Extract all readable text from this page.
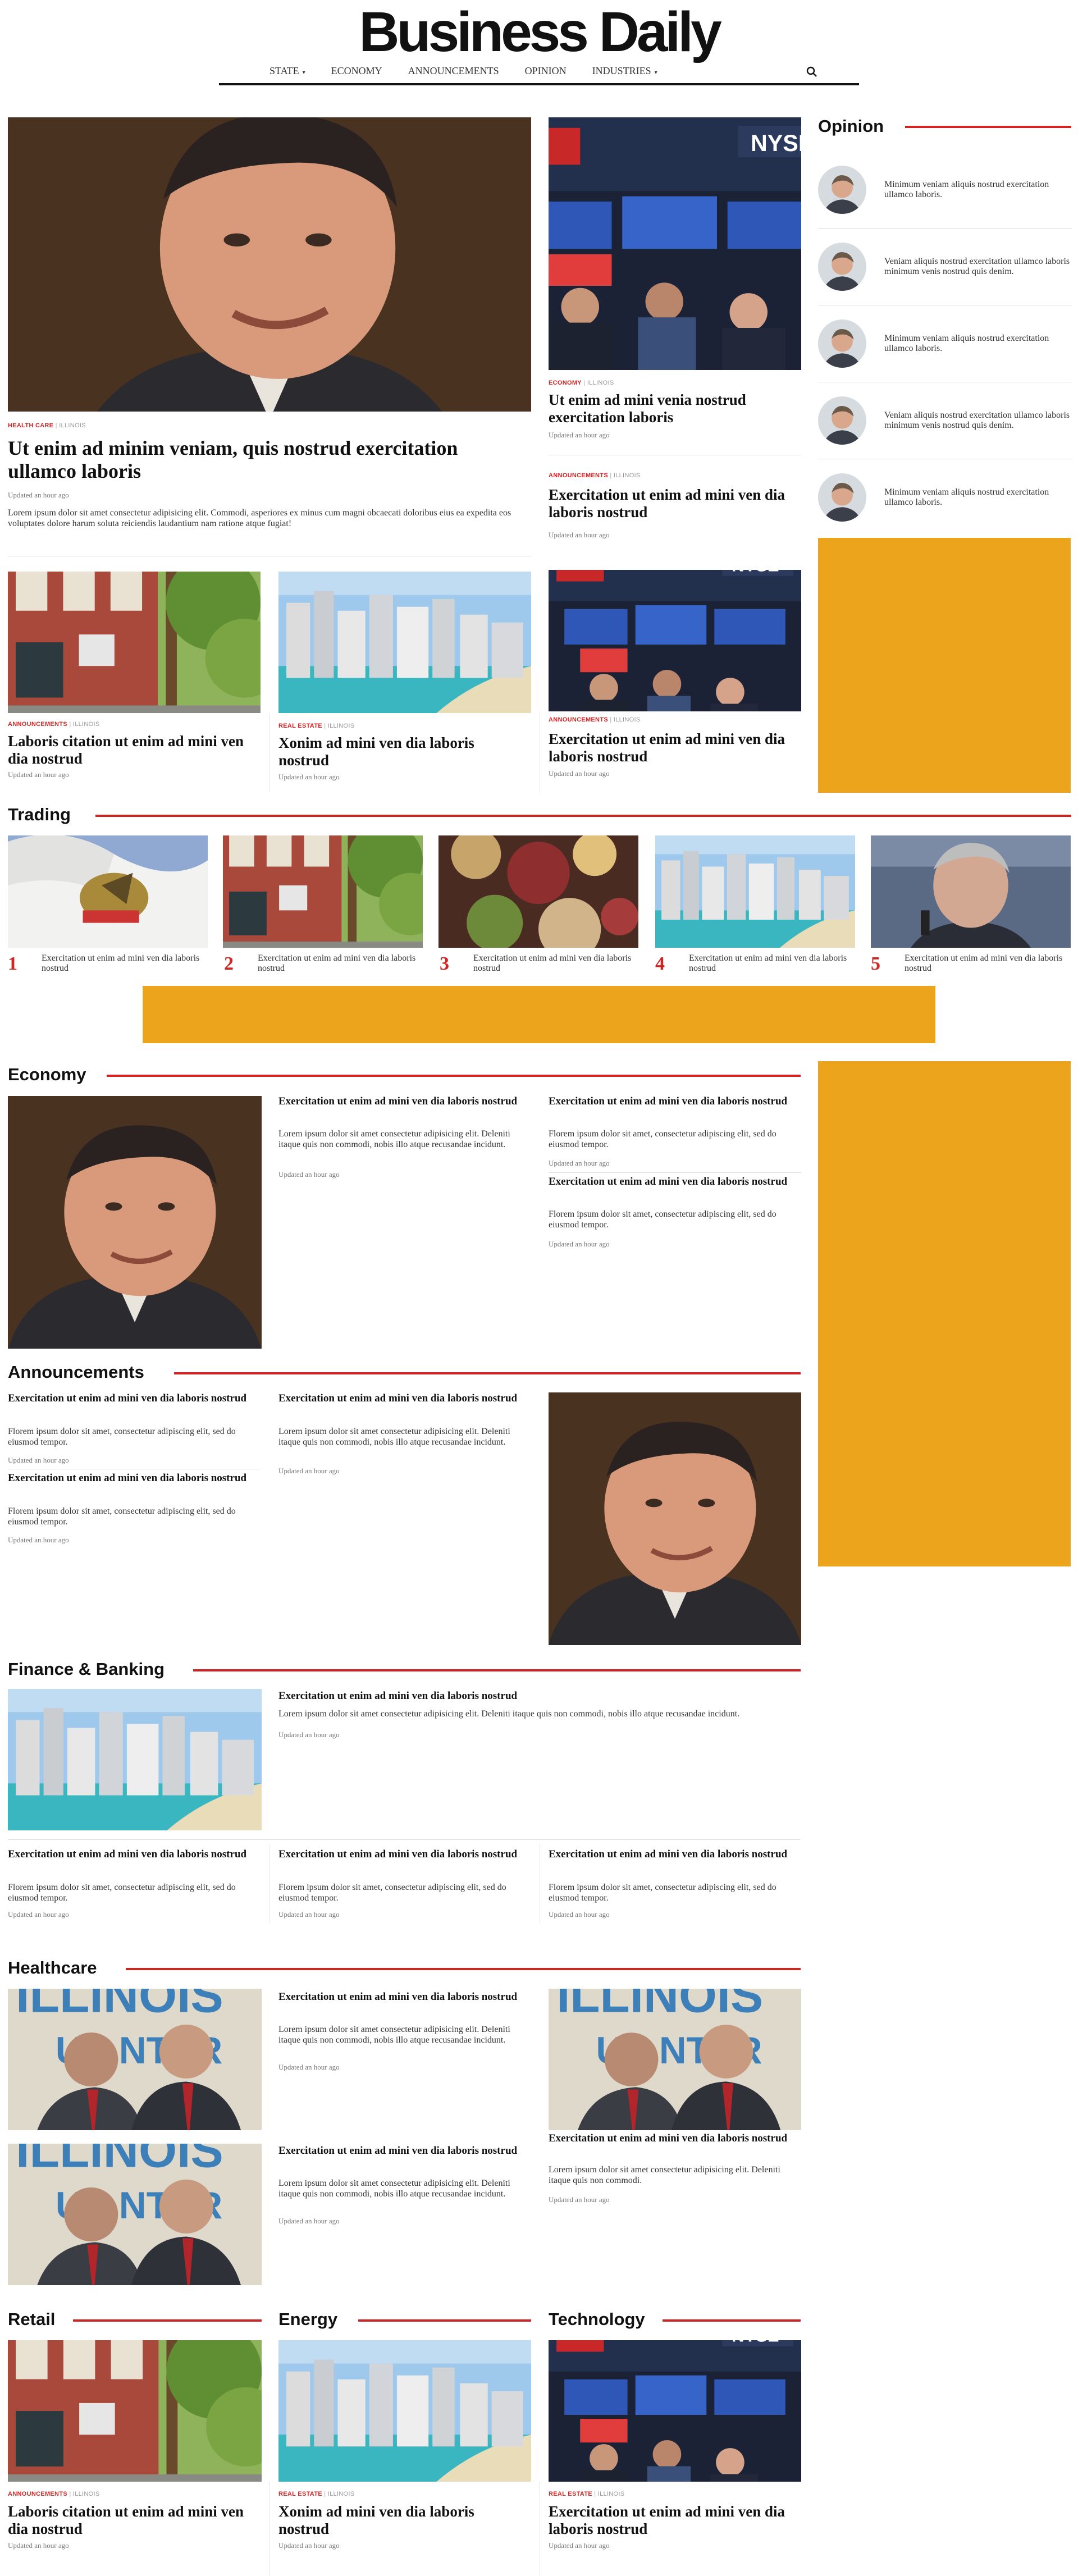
Business Daily
STATE ▾	ECONOMY	ANNOUNCEMENTS	OPINION	INDUSTRIES ▾
HEALTH CARE | ILLINOIS
Ut enim ad minim veniam, quis nostrud exercitation ullamco laboris
Updated an hour ago
Lorem ipsum dolor sit amet consectetur adipisicing elit. Commodi, asperiores ex minus cum magni obcaecati doloribus eius ea expedita eos voluptates dolore harum soluta reiciendis laudantium nam ratione atque fugiat!
ECONOMY | ILLINOIS
Ut enim ad mini venia nostrud exercitation laboris
Updated an hour ago
ANNOUNCEMENTS | ILLINOIS
Exercitation ut enim ad mini ven dia laboris nostrud
Updated an hour ago
Opinion
Minimum veniam aliquis nostrud exercitation ullamco laboris.
Veniam aliquis nostrud exercitation ullamco laboris minimum venis nostrud quis denim.
Minimum veniam aliquis nostrud exercitation ullamco laboris.
Veniam aliquis nostrud exercitation ullamco laboris minimum venis nostrud quis denim.
Minimum veniam aliquis nostrud exercitation ullamco laboris.
ANNOUNCEMENTS | ILLINOIS
Laboris citation ut enim ad mini ven dia nostrud
Updated an hour ago
REAL ESTATE | ILLINOIS
Xonim ad mini ven dia laboris nostrud
Updated an hour ago
ANNOUNCEMENTS | ILLINOIS
Exercitation ut enim ad mini ven dia laboris nostrud
Updated an hour ago
Trading
1	Exercitation ut enim ad mini ven dia laboris nostrud	2	Exercitation ut enim ad mini ven dia laboris nostrud	3	Exercitation ut enim ad mini ven dia laboris nostrud	4	Exercitation ut enim ad mini ven dia laboris nostrud	5	Exercitation ut enim ad mini ven dia laboris nostrud
Economy
Exercitation ut enim ad mini ven dia laboris nostrud
Lorem ipsum dolor sit amet consectetur adipisicing elit. Deleniti itaque quis non commodi, nobis illo atque recusandae incidunt.
Updated an hour ago
Exercitation ut enim ad mini ven dia laboris nostrud
Florem ipsum dolor sit amet, consectetur adipiscing elit, sed do eiusmod tempor.
Updated an hour ago
Exercitation ut enim ad mini ven dia laboris nostrud
Florem ipsum dolor sit amet, consectetur adipiscing elit, sed do eiusmod tempor.
Updated an hour ago
Announcements
Exercitation ut enim ad mini ven dia laboris nostrud
Florem ipsum dolor sit amet, consectetur adipiscing elit, sed do eiusmod tempor.
Updated an hour ago
Exercitation ut enim ad mini ven dia laboris nostrud
Florem ipsum dolor sit amet, consectetur adipiscing elit, sed do eiusmod tempor.
Updated an hour ago
Exercitation ut enim ad mini ven dia laboris nostrud
Lorem ipsum dolor sit amet consectetur adipisicing elit. Deleniti itaque quis non commodi, nobis illo atque recusandae incidunt.
Updated an hour ago
Finance & Banking
Exercitation ut enim ad mini ven dia laboris nostrud
Lorem ipsum dolor sit amet consectetur adipisicing elit. Deleniti itaque quis non commodi, nobis illo atque recusandae incidunt.
Updated an hour ago
Exercitation ut enim ad mini ven dia laboris nostrud
Florem ipsum dolor sit amet, consectetur adipiscing elit, sed do eiusmod tempor.
Updated an hour ago
Exercitation ut enim ad mini ven dia laboris nostrud
Florem ipsum dolor sit amet, consectetur adipiscing elit, sed do eiusmod tempor.
Updated an hour ago
Exercitation ut enim ad mini ven dia laboris nostrud
Florem ipsum dolor sit amet, consectetur adipiscing elit, sed do eiusmod tempor.
Updated an hour ago
Healthcare
Exercitation ut enim ad mini ven dia laboris nostrud
Lorem ipsum dolor sit amet consectetur adipisicing elit. Deleniti itaque quis non commodi, nobis illo atque recusandae incidunt.
Updated an hour ago
Exercitation ut enim ad mini ven dia laboris nostrud
Lorem ipsum dolor sit amet consectetur adipisicing elit. Deleniti itaque quis non commodi, nobis illo atque recusandae incidunt.
Updated an hour ago
Exercitation ut enim ad mini ven dia laboris nostrud
Lorem ipsum dolor sit amet consectetur adipisicing elit. Deleniti itaque quis non commodi.
Updated an hour ago
Retail	Energy	Technology
ANNOUNCEMENTS | ILLINOIS
Laboris citation ut enim ad mini ven dia nostrud
Updated an hour ago
REAL ESTATE | ILLINOIS
Xonim ad mini ven dia laboris nostrud
Updated an hour ago
REAL ESTATE | ILLINOIS
Exercitation ut enim ad mini ven dia laboris nostrud
Updated an hour ago
